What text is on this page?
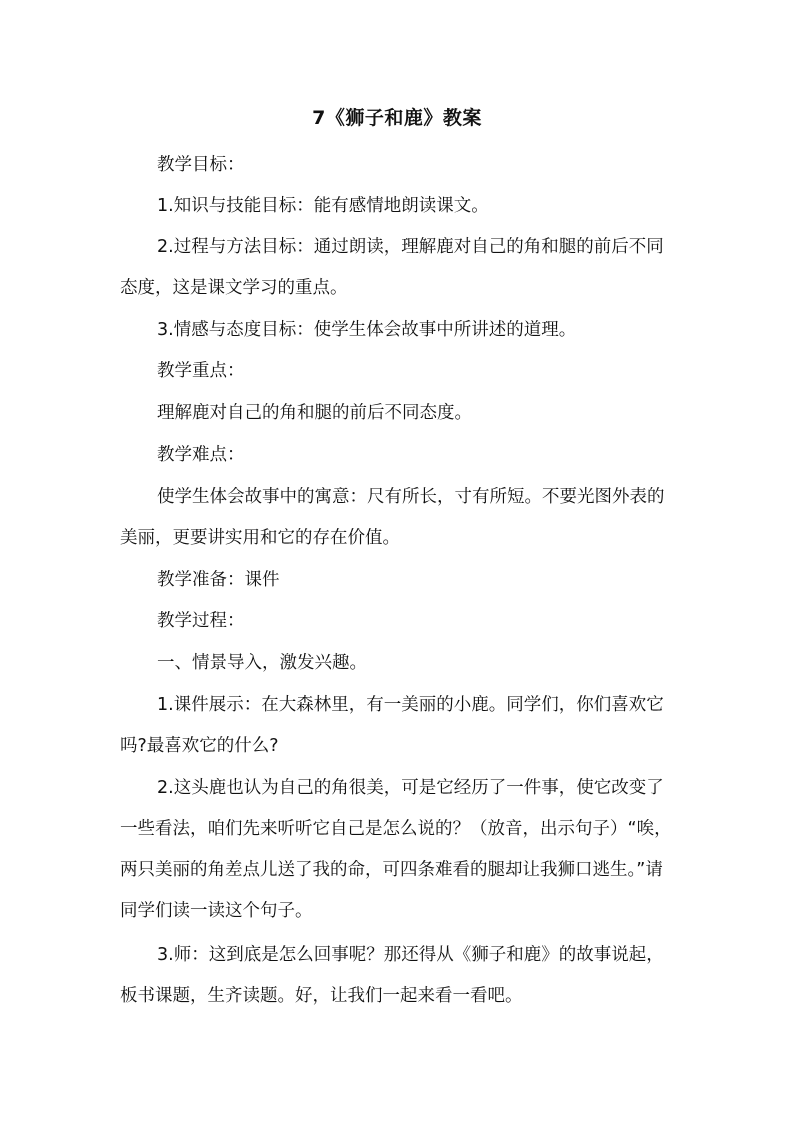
7《狮子和鹿》教案

教学目标：

1.知识与技能目标：能有感情地朗读课文。

2.过程与方法目标：通过朗读，理解鹿对自己的角和腿的前后不同态度，这是课文学习的重点。

3.情感与态度目标：使学生体会故事中所讲述的道理。

教学重点：

理解鹿对自己的角和腿的前后不同态度。

教学难点：

使学生体会故事中的寓意：尺有所长，寸有所短。不要光图外表的美丽，更要讲实用和它的存在价值。

教学准备：课件

教学过程：

一、情景导入，激发兴趣。

1.课件展示：在大森林里，有一美丽的小鹿。同学们，你们喜欢它吗?最喜欢它的什么?

2.这头鹿也认为自己的角很美，可是它经历了一件事，使它改变了一些看法，咱们先来听听它自己是怎么说的？（放音，出示句子）“唉，两只美丽的角差点儿送了我的命，可四条难看的腿却让我狮口逃生。”请同学们读一读这个句子。

3.师：这到底是怎么回事呢？那还得从《狮子和鹿》的故事说起，板书课题，生齐读题。好，让我们一起来看一看吧。
